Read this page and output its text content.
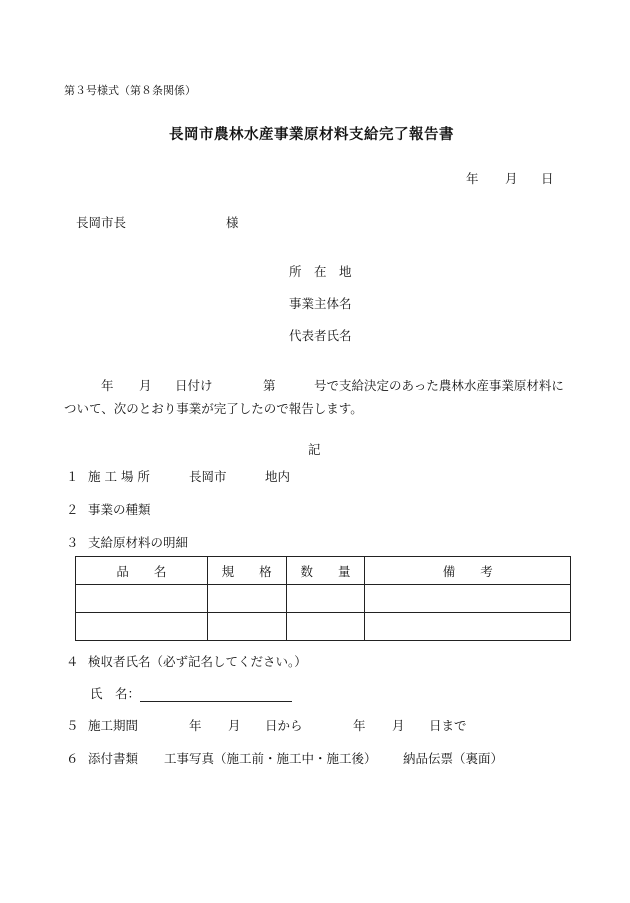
第３号様式（第８条関係）
長岡市農林水産事業原材料支給完了報告書
年 月 日
長岡市長	様
所　在　地
事業主体名
代表者氏名
年 月 日付け	第	号で支給決定のあった農林水産事業原材料に
ついて、次のとおり事業が完了したので報告します。
記
１ 施 工 場 所	長岡市	地内
２ 事業の種類
３ 支給原材料の明細
品　　名	規　　格	数　　量	備　　考

４ 検収者氏名（必ず記名してください。）
氏　名：
５ 施工期間	年 月 日から	年 月 日まで
６ 添付書類 工事写真（施工前・施工中・施工後） 納品伝票（裏面）
